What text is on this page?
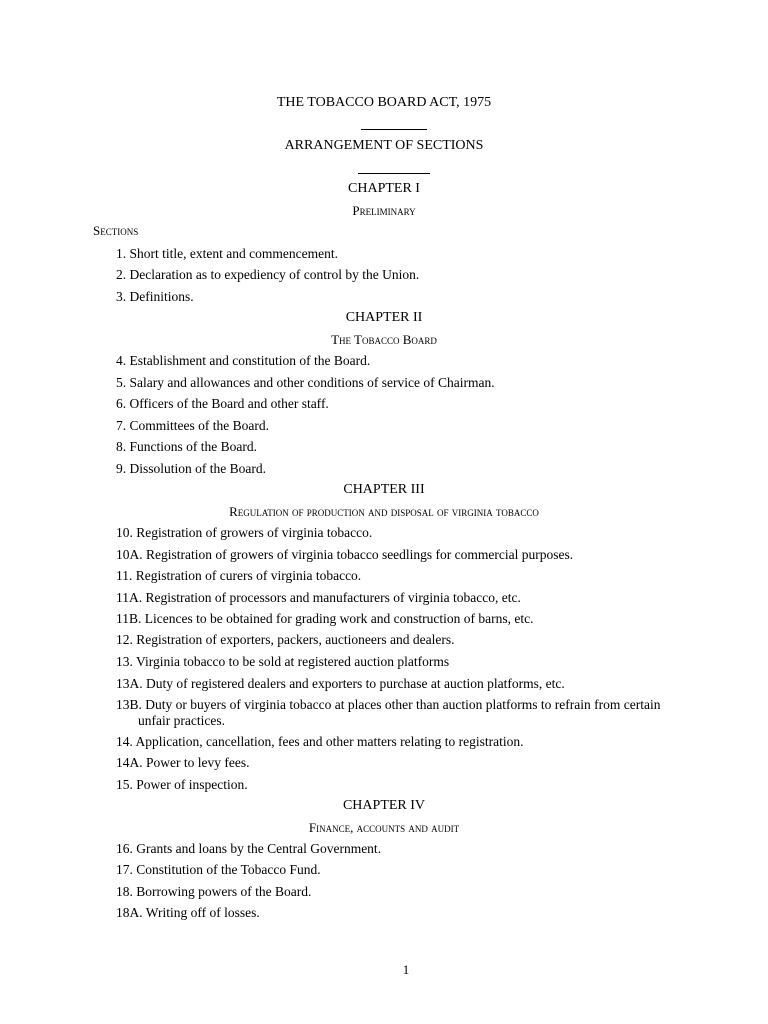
THE TOBACCO BOARD ACT, 1975
ARRANGEMENT OF SECTIONS
CHAPTER I
Preliminary
Sections
1. Short title, extent and commencement.
2. Declaration as to expediency of control by the Union.
3. Definitions.
CHAPTER II
The Tobacco Board
4. Establishment and constitution of the Board.
5. Salary and allowances and other conditions of service of Chairman.
6. Officers of the Board and other staff.
7. Committees of the Board.
8. Functions of the Board.
9. Dissolution of the Board.
CHAPTER III
Regulation of production and disposal of virginia tobacco
10. Registration of growers of virginia tobacco.
10A. Registration of growers of virginia tobacco seedlings for commercial purposes.
11. Registration of curers of virginia tobacco.
11A. Registration of processors and manufacturers of virginia tobacco, etc.
11B. Licences to be obtained for grading work and construction of barns, etc.
12. Registration of exporters, packers, auctioneers and dealers.
13. Virginia tobacco to be sold at registered auction platforms
13A. Duty of registered dealers and exporters to purchase at auction platforms, etc.
13B. Duty or buyers of virginia tobacco at places other than auction platforms to refrain from certain
unfair practices.
14. Application, cancellation, fees and other matters relating to registration.
14A. Power to levy fees.
15. Power of inspection.
CHAPTER IV
Finance, accounts and audit
16. Grants and loans by the Central Government.
17. Constitution of the Tobacco Fund.
18. Borrowing powers of the Board.
18A. Writing off of losses.
1
